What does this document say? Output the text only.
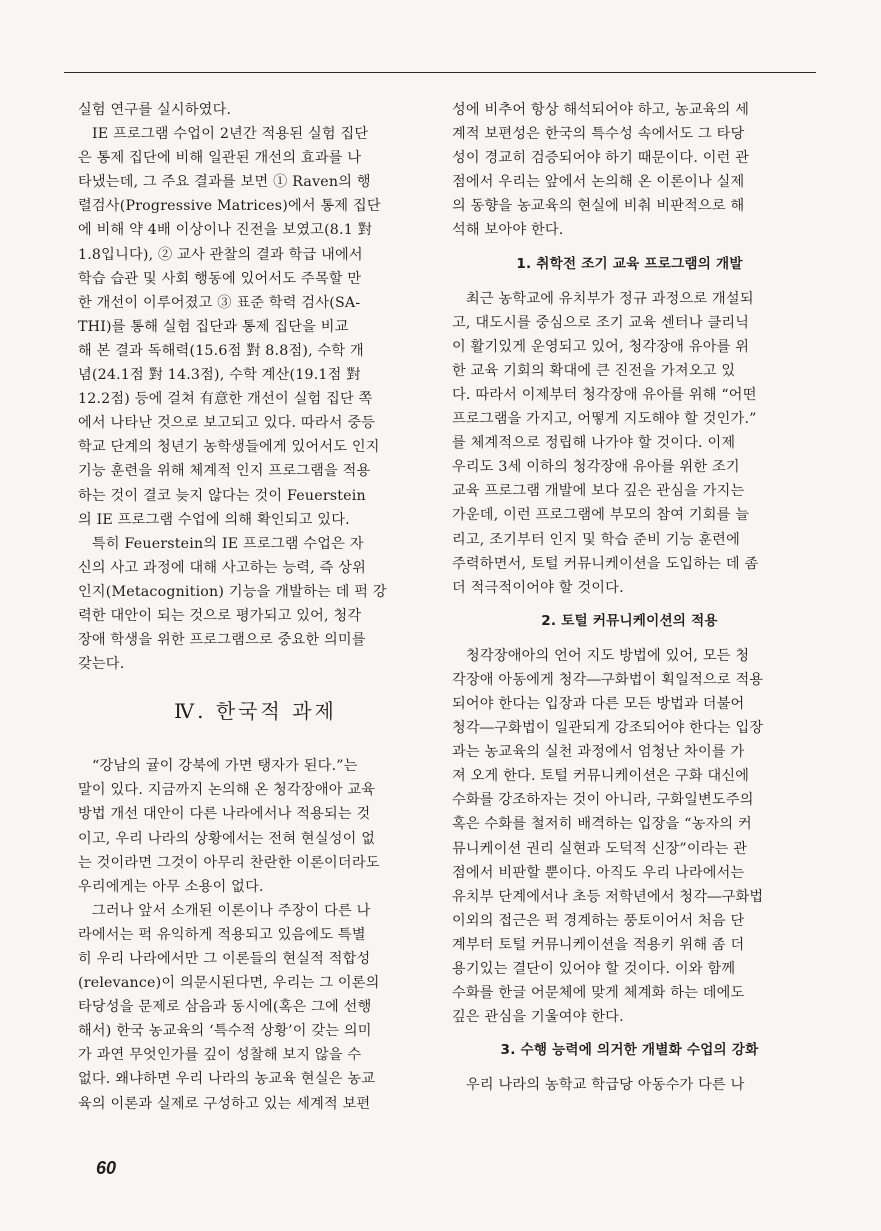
실험 연구를 실시하였다.

IE 프로그램 수업이 2년간 적용된 실험 집단
은 통제 집단에 비해 일관된 개선의 효과를 나
타냈는데, 그 주요 결과를 보면 ① Raven의 행
렬검사(Progressive Matrices)에서 통제 집단
에 비해 약 4배 이상이나 진전을 보였고(8.1 對
1.8입니다), ② 교사 관찰의 결과 학급 내에서
학습 습관 및 사회 행동에 있어서도 주목할 만
한 개선이 이루어졌고 ③ 표준 학력 검사(SA-
THI)를 통해 실험 집단과 통제 집단을 비교
해 본 결과 독해력(15.6점 對 8.8점), 수학 개
념(24.1점 對 14.3점), 수학 계산(19.1점 對
12.2점) 등에 걸쳐 有意한 개선이 실험 집단 쪽
에서 나타난 것으로 보고되고 있다. 따라서 중등
학교 단계의 청년기 농학생들에게 있어서도 인지
기능 훈련을 위해 체계적 인지 프로그램을 적용
하는 것이 결코 늦지 않다는 것이 Feuerstein
의 IE 프로그램 수업에 의해 확인되고 있다.

특히 Feuerstein의 IE 프로그램 수업은 자
신의 사고 과정에 대해 사고하는 능력, 즉 상위
인지(Metacognition) 기능을 개발하는 데 퍽 강
력한 대안이 되는 것으로 평가되고 있어, 청각
장애 학생을 위한 프로그램으로 중요한 의미를
갖는다.

Ⅳ. 한국적 과제

“강남의 귤이 강북에 가면 탱자가 된다.”는
말이 있다. 지금까지 논의해 온 청각장애아 교육
방법 개선 대안이 다른 나라에서나 적용되는 것
이고, 우리 나라의 상황에서는 전혀 현실성이 없
는 것이라면 그것이 아무리 찬란한 이론이더라도
우리에게는 아무 소용이 없다.

그러나 앞서 소개된 이론이나 주장이 다른 나
라에서는 퍽 유익하게 적용되고 있음에도 특별
히 우리 나라에서만 그 이론들의 현실적 적합성
(relevance)이 의문시된다면, 우리는 그 이론의
타당성을 문제로 삼음과 동시에(혹은 그에 선행
해서) 한국 농교육의 ‘특수적 상황’이 갖는 의미
가 과연 무엇인가를 깊이 성찰해 보지 않을 수
없다. 왜냐하면 우리 나라의 농교육 현실은 농교
육의 이론과 실제로 구성하고 있는 세계적 보편

성에 비추어 항상 해석되어야 하고, 농교육의 세
계적 보편성은 한국의 특수성 속에서도 그 타당
성이 경교히 검증되어야 하기 때문이다. 이런 관
점에서 우리는 앞에서 논의해 온 이론이나 실제
의 동향을 농교육의 현실에 비춰 비판적으로 해
석해 보아야 한다.

1. 취학전 조기 교육 프로그램의 개발

최근 농학교에 유치부가 정규 과정으로 개설되
고, 대도시를 중심으로 조기 교육 센터나 클리닉
이 활기있게 운영되고 있어, 청각장애 유아를 위
한 교육 기회의 확대에 큰 진전을 가져오고 있
다. 따라서 이제부터 청각장애 유아를 위해 “어떤
프로그램을 가지고, 어떻게 지도해야 할 것인가.”
를 체계적으로 정립해 나가야 할 것이다. 이제
우리도 3세 이하의 청각장애 유아를 위한 조기
교육 프로그램 개발에 보다 깊은 관심을 가지는
가운데, 이런 프로그램에 부모의 참여 기회를 늘
리고, 조기부터 인지 및 학습 준비 기능 훈련에
주력하면서, 토털 커뮤니케이션을 도입하는 데 좀
더 적극적이어야 할 것이다.

2. 토털 커뮤니케이션의 적용

청각장애아의 언어 지도 방법에 있어, 모든 청
각장애 아동에게 청각―구화법이 획일적으로 적용
되어야 한다는 입장과 다른 모든 방법과 더불어
청각―구화법이 일관되게 강조되어야 한다는 입장
과는 농교육의 실천 과정에서 엄청난 차이를 가
져 오게 한다. 토털 커뮤니케이션은 구화 대신에
수화를 강조하자는 것이 아니라, 구화일변도주의
혹은 수화를 철저히 배격하는 입장을 “농자의 커
뮤니케이션 권리 실현과 도덕적 신장”이라는 관
점에서 비판할 뿐이다. 아직도 우리 나라에서는
유치부 단계에서나 초등 저학년에서 청각―구화법
이외의 접근은 퍽 경계하는 풍토이어서 처음 단
계부터 토털 커뮤니케이션을 적용키 위해 좀 더
용기있는 결단이 있어야 할 것이다. 이와 함께
수화를 한글 어문체에 맞게 체계화 하는 데에도
깊은 관심을 기울여야 한다.

3. 수행 능력에 의거한 개별화 수업의 강화

우리 나라의 농학교 학급당 아동수가 다른 나

60
